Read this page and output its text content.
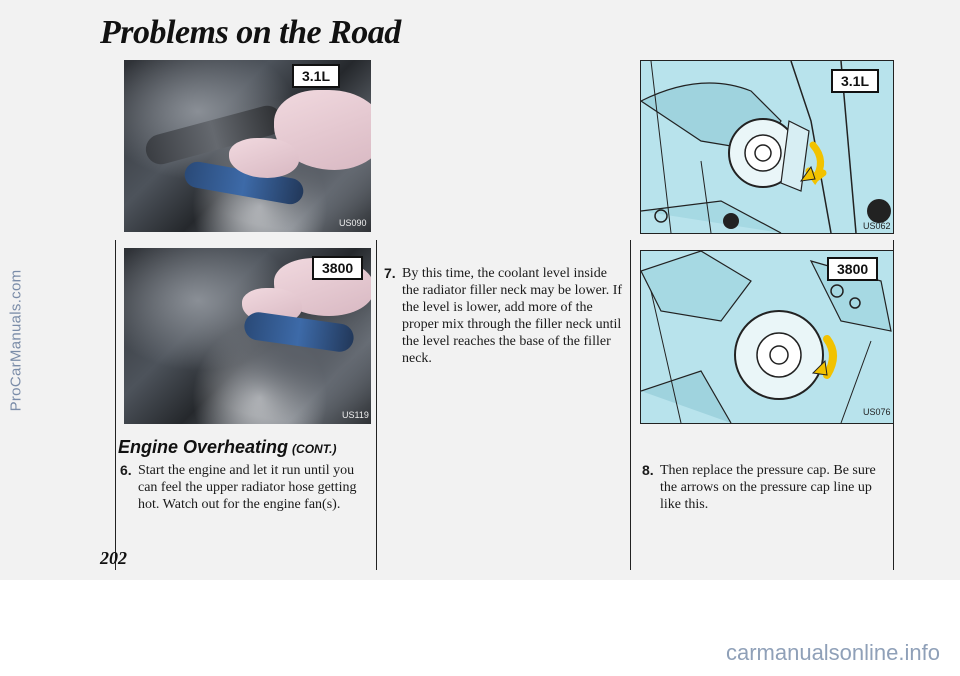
ProCarManuals.com
Problems on the Road
3.1L
US090
3800
US119
3.1L
US062
3800
US076
Engine Overheating (CONT.)
6. Start the engine and let it run until you can feel the upper radiator hose getting hot. Watch out for the engine fan(s).
7. By this time, the coolant level inside the radiator filler neck may be lower. If the level is lower, add more of the proper mix through the filler neck until the level reaches the base of the filler neck.
8. Then replace the pressure cap. Be sure the arrows on the pressure cap line up like this.
202
carmanualsonline.info
